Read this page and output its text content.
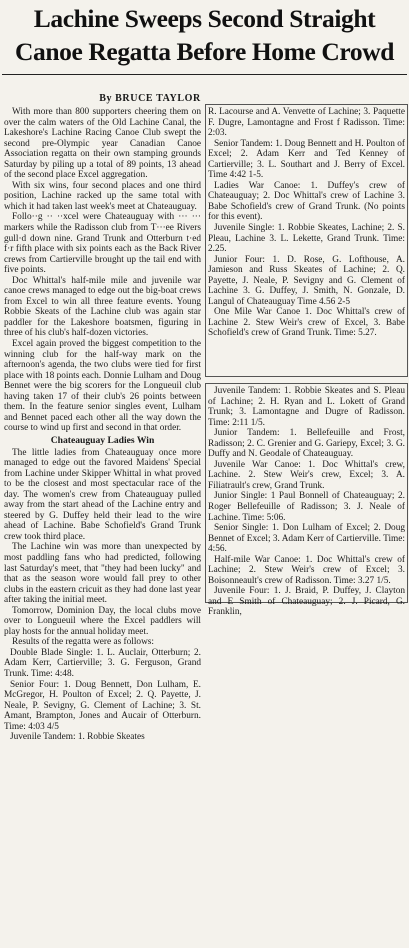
Lachine Sweeps Second Straight
Canoe Regatta Before Home Crowd
By BRUCE TAYLOR

With more than 800 supporters cheering them on over the calm waters of the Old Lachine Canal, the Lakeshore's Lachine Racing Canoe Club swept the second pre-Olympic year Canadian Canoe Association regatta on their own stamping grounds Saturday by piling up a total of 89 points, 13 ahead of the second place Excel aggregation.

With six wins, four second places and one third position, Lachine racked up the same total with which it had taken last week's meet at Chateauguay.

Follo··g ·· ··xcel were Chateauguay with ··· ··· markers while the Radisson club from T···ee Rivers gull·d down nine. Grand Trunk and Otterburn t·ed f·r fifth place with six points each as the Back River crews from Cartierville brought up the tail end with five points.

Doc Whittal's half-mile mile and juvenile war canoe crews managed to edge out the big-boat crews from Excel to win all three feature events. Young Robbie Skeats of the Lachine club was again star paddler for the Lakeshore boatsmen, figuring in three of his club's half-dozen victories.

Excel again proved the biggest competition to the winning club for the half-way mark on the afternoon's agenda, the two clubs were tied for first place with 18 points each. Donnie Lulham and Doug Bennet were the big scorers for the Longueuil club having taken 17 of their club's 26 points between them. In the feature senior singles event, Lulham and Bennet paced each other all the way down the course to wind up first and second in that order.

Chateauguay Ladies Win

The little ladies from Chateauguay once more managed to edge out the favored Maidens' Special from Lachine under Skipper Whittal in what proved to be the closest and most spectacular race of the day. The women's crew from Chateauguay pulled away from the start ahead of the Lachine entry and steered by G. Duffey held their lead to the wire ahead of Lachine. Babe Schofield's Grand Trunk crew took third place.

The Lachine win was more than unexpected by most paddling fans who had predicted, following last Saturday's meet, that "they had been lucky" and that as the season wore would fall prey to other clubs in the eastern cricuit as they had done last year after taking the initial meet.

Tomorrow, Dominion Day, the local clubs move over to Longueuil where the Excel paddlers will play hosts for the annual holiday meet.

Results of the regatta were as follows:

Double Blade Single: 1. L. Auclair, Otterburn; 2. Adam Kerr, Cartierville; 3. G. Ferguson, Grand Trunk. Time: 4:48.

Senior Four: 1. Doug Bennett, Don Lulham, E. McGregor, H. Poulton of Excel; 2. Q. Payette, J. Neale, P. Sevigny, G. Clement of Lachine; 3. St. Amant, Brampton, Jones and Aucair of Otterburn. Time: 4:03 4/5

Juvenile Tandem: 1. Robbie Skeates

R. Lacourse and A. Venvette of Lachine; 3. Paquette F. Dugre, Lamontagne and Frost f Radisson. Time: 2:03.

Senior Tandem: 1. Doug Bennett and H. Poulton of Excel; 2. Adam Kerr and Ted Kenney of Cartierville; 3. L. Southart and J. Berry of Excel. Time 4:42 1-5.

Ladies War Canoe: 1. Duffey's crew of Chateauguay; 2. Doc Whittal's crew of Lachine 3. Babe Schofield's crew of Grand Trunk. (No points for this event).

Juvenile Single: 1. Robbie Skeates, Lachine; 2. S. Pleau, Lachine 3. L. Lekette, Grand Trunk. Time: 2.25.

Junior Four: 1. D. Rose, G. Lofthouse, A. Jamieson and Russ Skeates of Lachine; 2. Q. Payette, J. Neale, P. Sevigny and G. Clement of Lachine 3. G. Duffey, J. Smith, N. Gonzale, D. Langul of Chateauguay Time 4.56 2-5

One Mile War Canoe 1. Doc Whittal's crew of Lachine 2. Stew Weir's crew of Excel, 3. Babe Schofield's crew of Grand Trunk. Time: 5.27.

Juvenile Tandem: 1. Robbie Skeates and S. Pleau of Lachine; 2. H. Ryan and L. Lokett of Grand Trunk; 3. Lamontagne and Dugre of Radisson. Time: 2:11 1/5.

Junior Tandem: 1. Bellefeuille and Frost, Radisson; 2. C. Grenier and G. Gariepy, Excel; 3. G. Duffy and N. Geodale of Chateauguay.

Juvenile War Canoe: 1. Doc Whittal's crew, Lachine. 2. Stew Weir's crew, Excel; 3. A. Filiatrault's crew, Grand Trunk.

Junior Single: 1 Paul Bonnell of Chateauguay; 2. Roger Bellefeuille of Radisson; 3. J. Neale of Lachine. Time: 5:06.

Senior Single: 1. Don Lulham of Excel; 2. Doug Bennet of Excel; 3. Adam Kerr of Cartierville. Time: 4:56.

Half-mile War Canoe: 1. Doc Whittal's crew of Lachine; 2. Stew Weir's crew of Excel; 3. Boisonneault's crew of Radisson. Time: 3.27 1/5.

Juvenile Four: 1. J. Braid, P. Duffey, J. Clayton and E Smith of Chateauguay; 2. J. Picard, G. Franklin,
